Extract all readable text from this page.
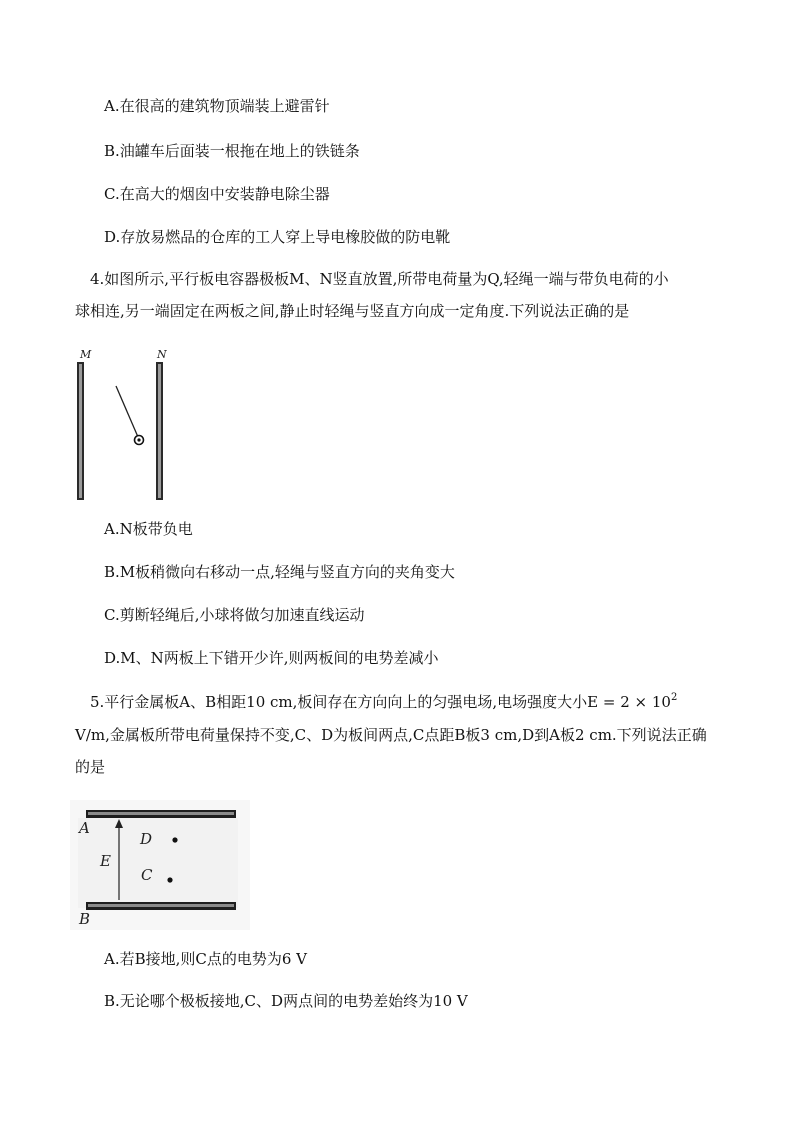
A.在很高的建筑物顶端装上避雷针
B.油罐车后面装一根拖在地上的铁链条
C.在高大的烟囱中安装静电除尘器
D.存放易燃品的仓库的工人穿上导电橡胶做的防电靴
4.如图所示,平行板电容器极板M、N竖直放置,所带电荷量为Q,轻绳一端与带负电荷的小
球相连,另一端固定在两板之间,静止时轻绳与竖直方向成一定角度.下列说法正确的是
M	N
A.N板带负电
B.M板稍微向右移动一点,轻绳与竖直方向的夹角变大
C.剪断轻绳后,小球将做匀加速直线运动
D.M、N两板上下错开少许,则两板间的电势差减小
5.平行金属板A、B相距10 cm,板间存在方向向上的匀强电场,电场强度大小$E = 2 \times 10^2$
V/m,金属板所带电荷量保持不变,C、D为板间两点,C点距B板3 cm,D到A板2 cm.下列说法正确
的是
A
B
E
D
C
A.若B接地,则C点的电势为6 V
B.无论哪个极板接地,C、D两点间的电势差始终为10 V
